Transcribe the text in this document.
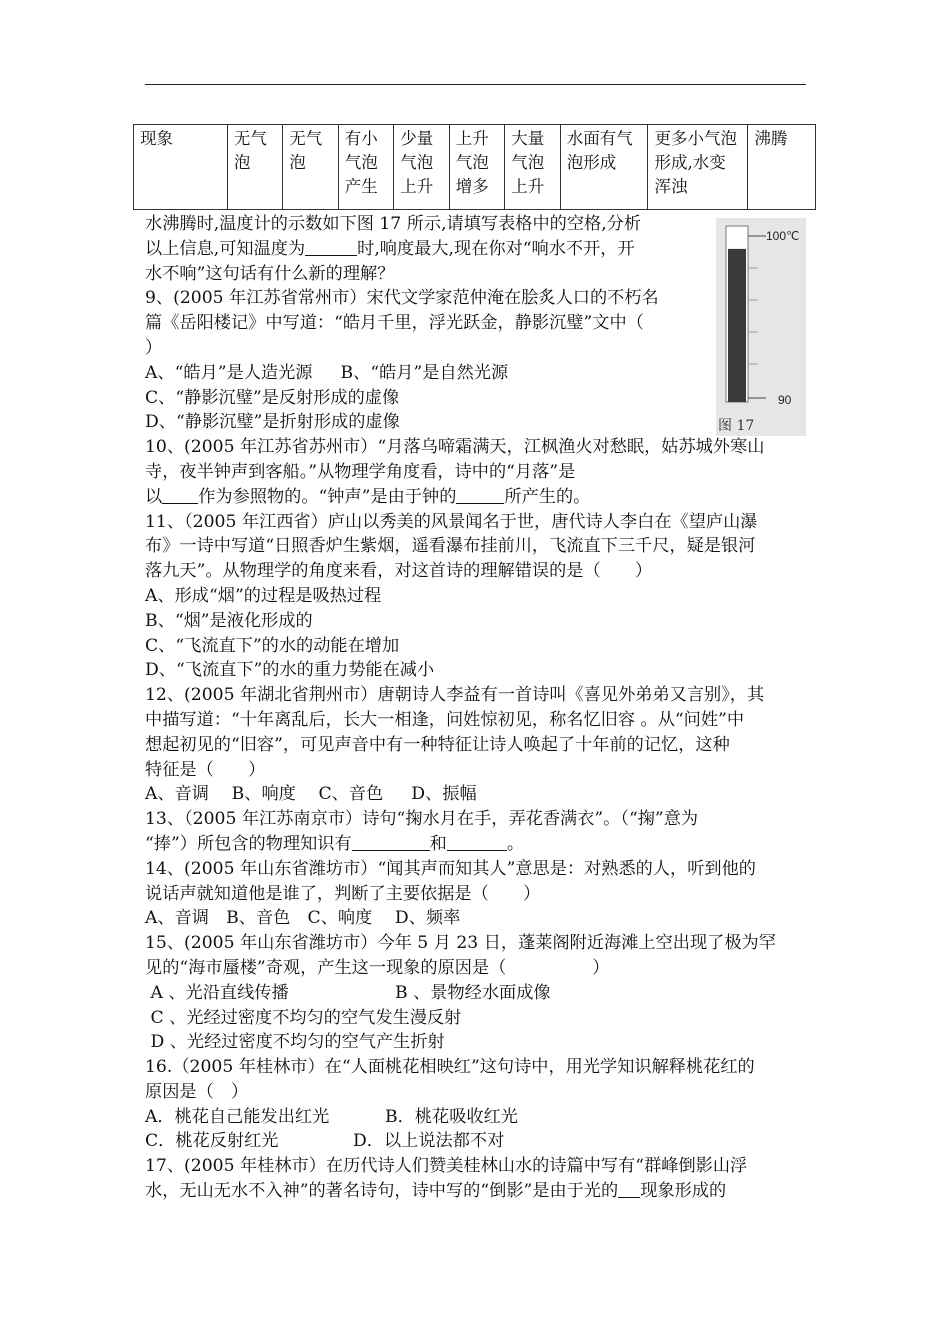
现象	无气泡	无气泡	有小气泡产生	少量气泡上升	上升气泡增多	大量气泡上升	水面有气泡形成	更多小气泡形成,水变浑浊	沸腾
100℃
90
图 17

水沸腾时,温度计的示数如下图 17 所示,请填写表格中的空格,分析

以上信息,可知温度为	时,响度最大,现在你对“响水不开，开

水不响”这句话有什么新的理解？

9、(2005 年江苏省常州市）宋代文学家范仲淹在脍炙人口的不朽名

篇《岳阳楼记》中写道：“皓月千里，浮光跃金，静影沉璧”文中（

）

A、“皓月”是人造光源 B、“皓月”是自然光源

C、“静影沉璧”是反射形成的虚像

D、“静影沉璧”是折射形成的虚像

10、(2005 年江苏省苏州市）“月落乌啼霜满天，江枫渔火对愁眠，姑苏城外寒山

寺，夜半钟声到客船。”从物理学角度看，诗中的“月落”是

以 作为参照物的。“钟声”是由于钟的	所产生的。

11、（2005 年江西省）庐山以秀美的风景闻名于世，唐代诗人李白在《望庐山瀑

布》一诗中写道“日照香炉生紫烟，遥看瀑布挂前川，飞流直下三千尺，疑是银河

落九天”。从物理学的角度来看，对这首诗的理解错误的是（　　）

A、形成“烟”的过程是吸热过程

B、“烟”是液化形成的

C、“飞流直下”的水的动能在增加

D、“飞流直下”的水的重力势能在减小

12、(2005 年湖北省荆州市）唐朝诗人李益有一首诗叫《喜见外弟弟又言别》，其

中描写道：“十年离乱后，长大一相逢，问姓惊初见，称名忆旧容 。从“问姓”中

想起初见的“旧容”，可见声音中有一种特征让诗人唤起了十年前的记忆，这种

特征是（　　）

A、音调　 B、响度　 C、音色　  D、振幅

13、（2005 年江苏南京市）诗句“掬水月在手，弄花香满衣”。（“掬”意为

“捧”）所包含的物理知识有	和	。

14、(2005 年山东省潍坊市）“闻其声而知其人”意思是：对熟悉的人，听到他的

说话声就知道他是谁了，判断了主要依据是（　　）

A、音调　B、音色　C、响度　 D、频率

15、(2005 年山东省潍坊市）今年 5 月 23 日，蓬莱阁附近海滩上空出现了极为罕

见的“海市蜃楼”奇观，产生这一现象的原因是（　　　　　）

A 、光沿直线传播	B 、景物经水面成像

C 、光经过密度不均匀的空气发生漫反射

D 、光经过密度不均匀的空气产生折射

16.（2005 年桂林市）在“人面桃花相映红”这句诗中，用光学知识解释桃花红的

原因是（　）

A．桃花自己能发出红光	B．桃花吸收红光

C．桃花反射红光	D．以上说法都不对

17、(2005 年桂林市）在历代诗人们赞美桂林山水的诗篇中写有“群峰倒影山浮

水，无山无水不入神”的著名诗句，诗中写的“倒影”是由于光的 现象形成的
